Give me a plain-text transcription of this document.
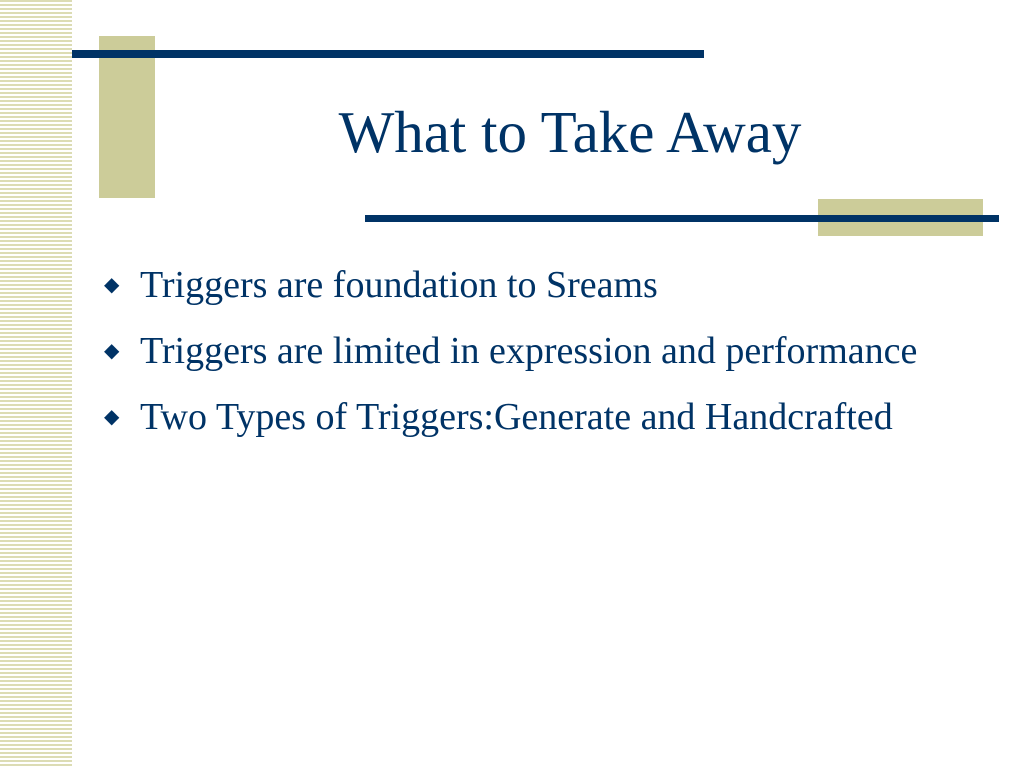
What to Take Away
◆ Triggers are foundation to Sreams
◆ Triggers are limited in expression and performance
◆ Two Types of Triggers:Generate and Handcrafted
